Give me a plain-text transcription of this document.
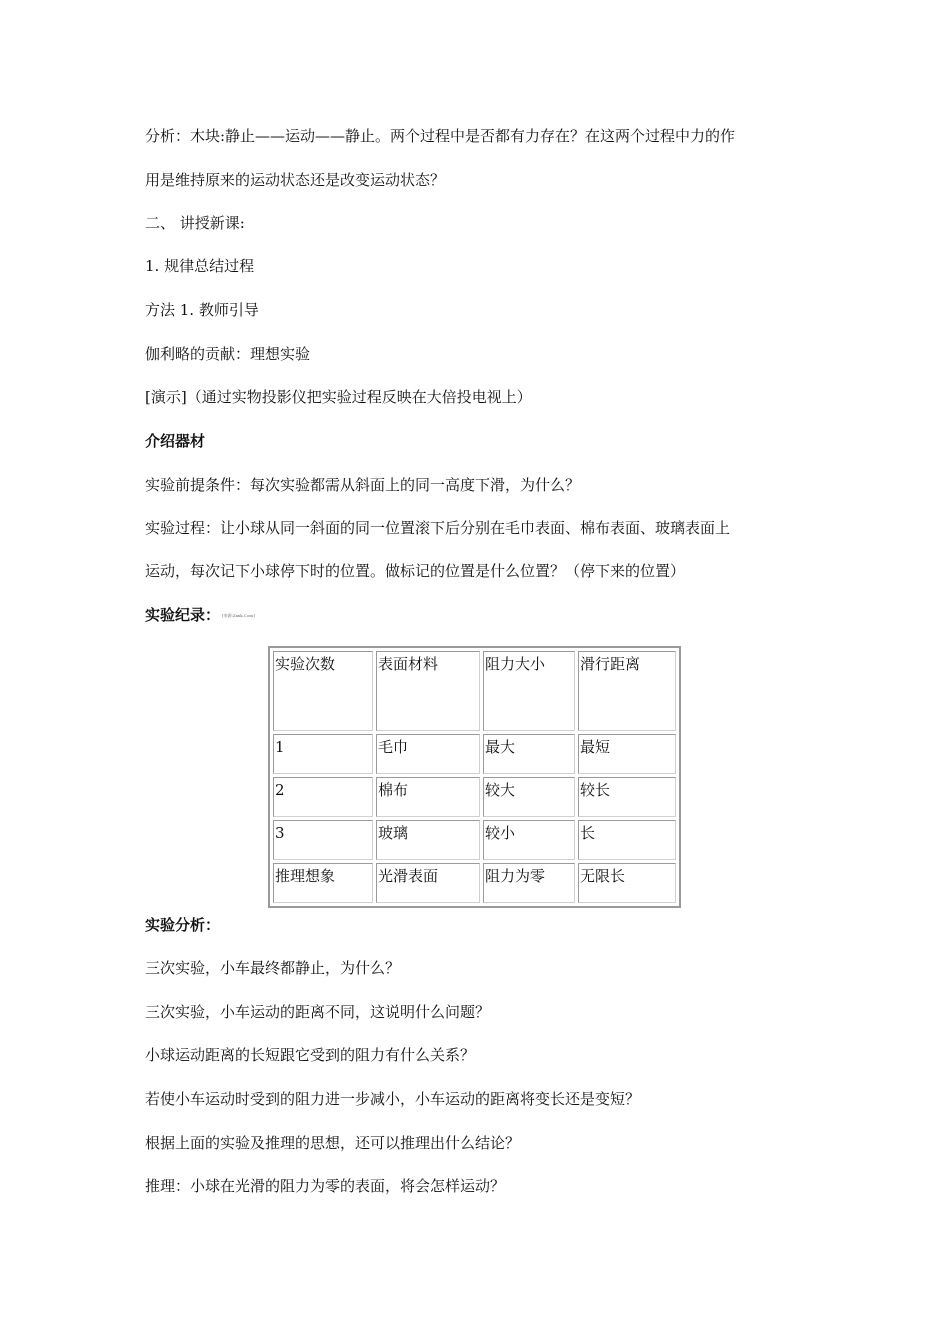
分析：木块:静止——运动——静止。两个过程中是否都有力存在？在这两个过程中力的作
用是维持原来的运动状态还是改变运动状态？
二、 讲授新课:
1. 规律总结过程
方法 1. 教师引导
伽利略的贡献：理想实验
[演示]（通过实物投影仪把实验过程反映在大倍投电视上）
介绍器材
实验前提条件：每次实验都需从斜面上的同一高度下滑，为什么？
实验过程：让小球从同一斜面的同一位置滚下后分别在毛巾表面、棉布表面、玻璃表面上
运动，每次记下小球停下时的位置。做标记的位置是什么位置？（停下来的位置）
实验纪录： [来源:Zxxk.Com]
实验次数	表面材料	阻力大小	滑行距离
1	毛巾	最大	最短
2	棉布	较大	较长
3	玻璃	较小	长
推理想象	光滑表面	阻力为零	无限长
实验分析：
三次实验，小车最终都静止，为什么？
三次实验，小车运动的距离不同，这说明什么问题？
小球运动距离的长短跟它受到的阻力有什么关系？
若使小车运动时受到的阻力进一步减小，小车运动的距离将变长还是变短？
根据上面的实验及推理的思想，还可以推理出什么结论？
推理：小球在光滑的阻力为零的表面，将会怎样运动？
